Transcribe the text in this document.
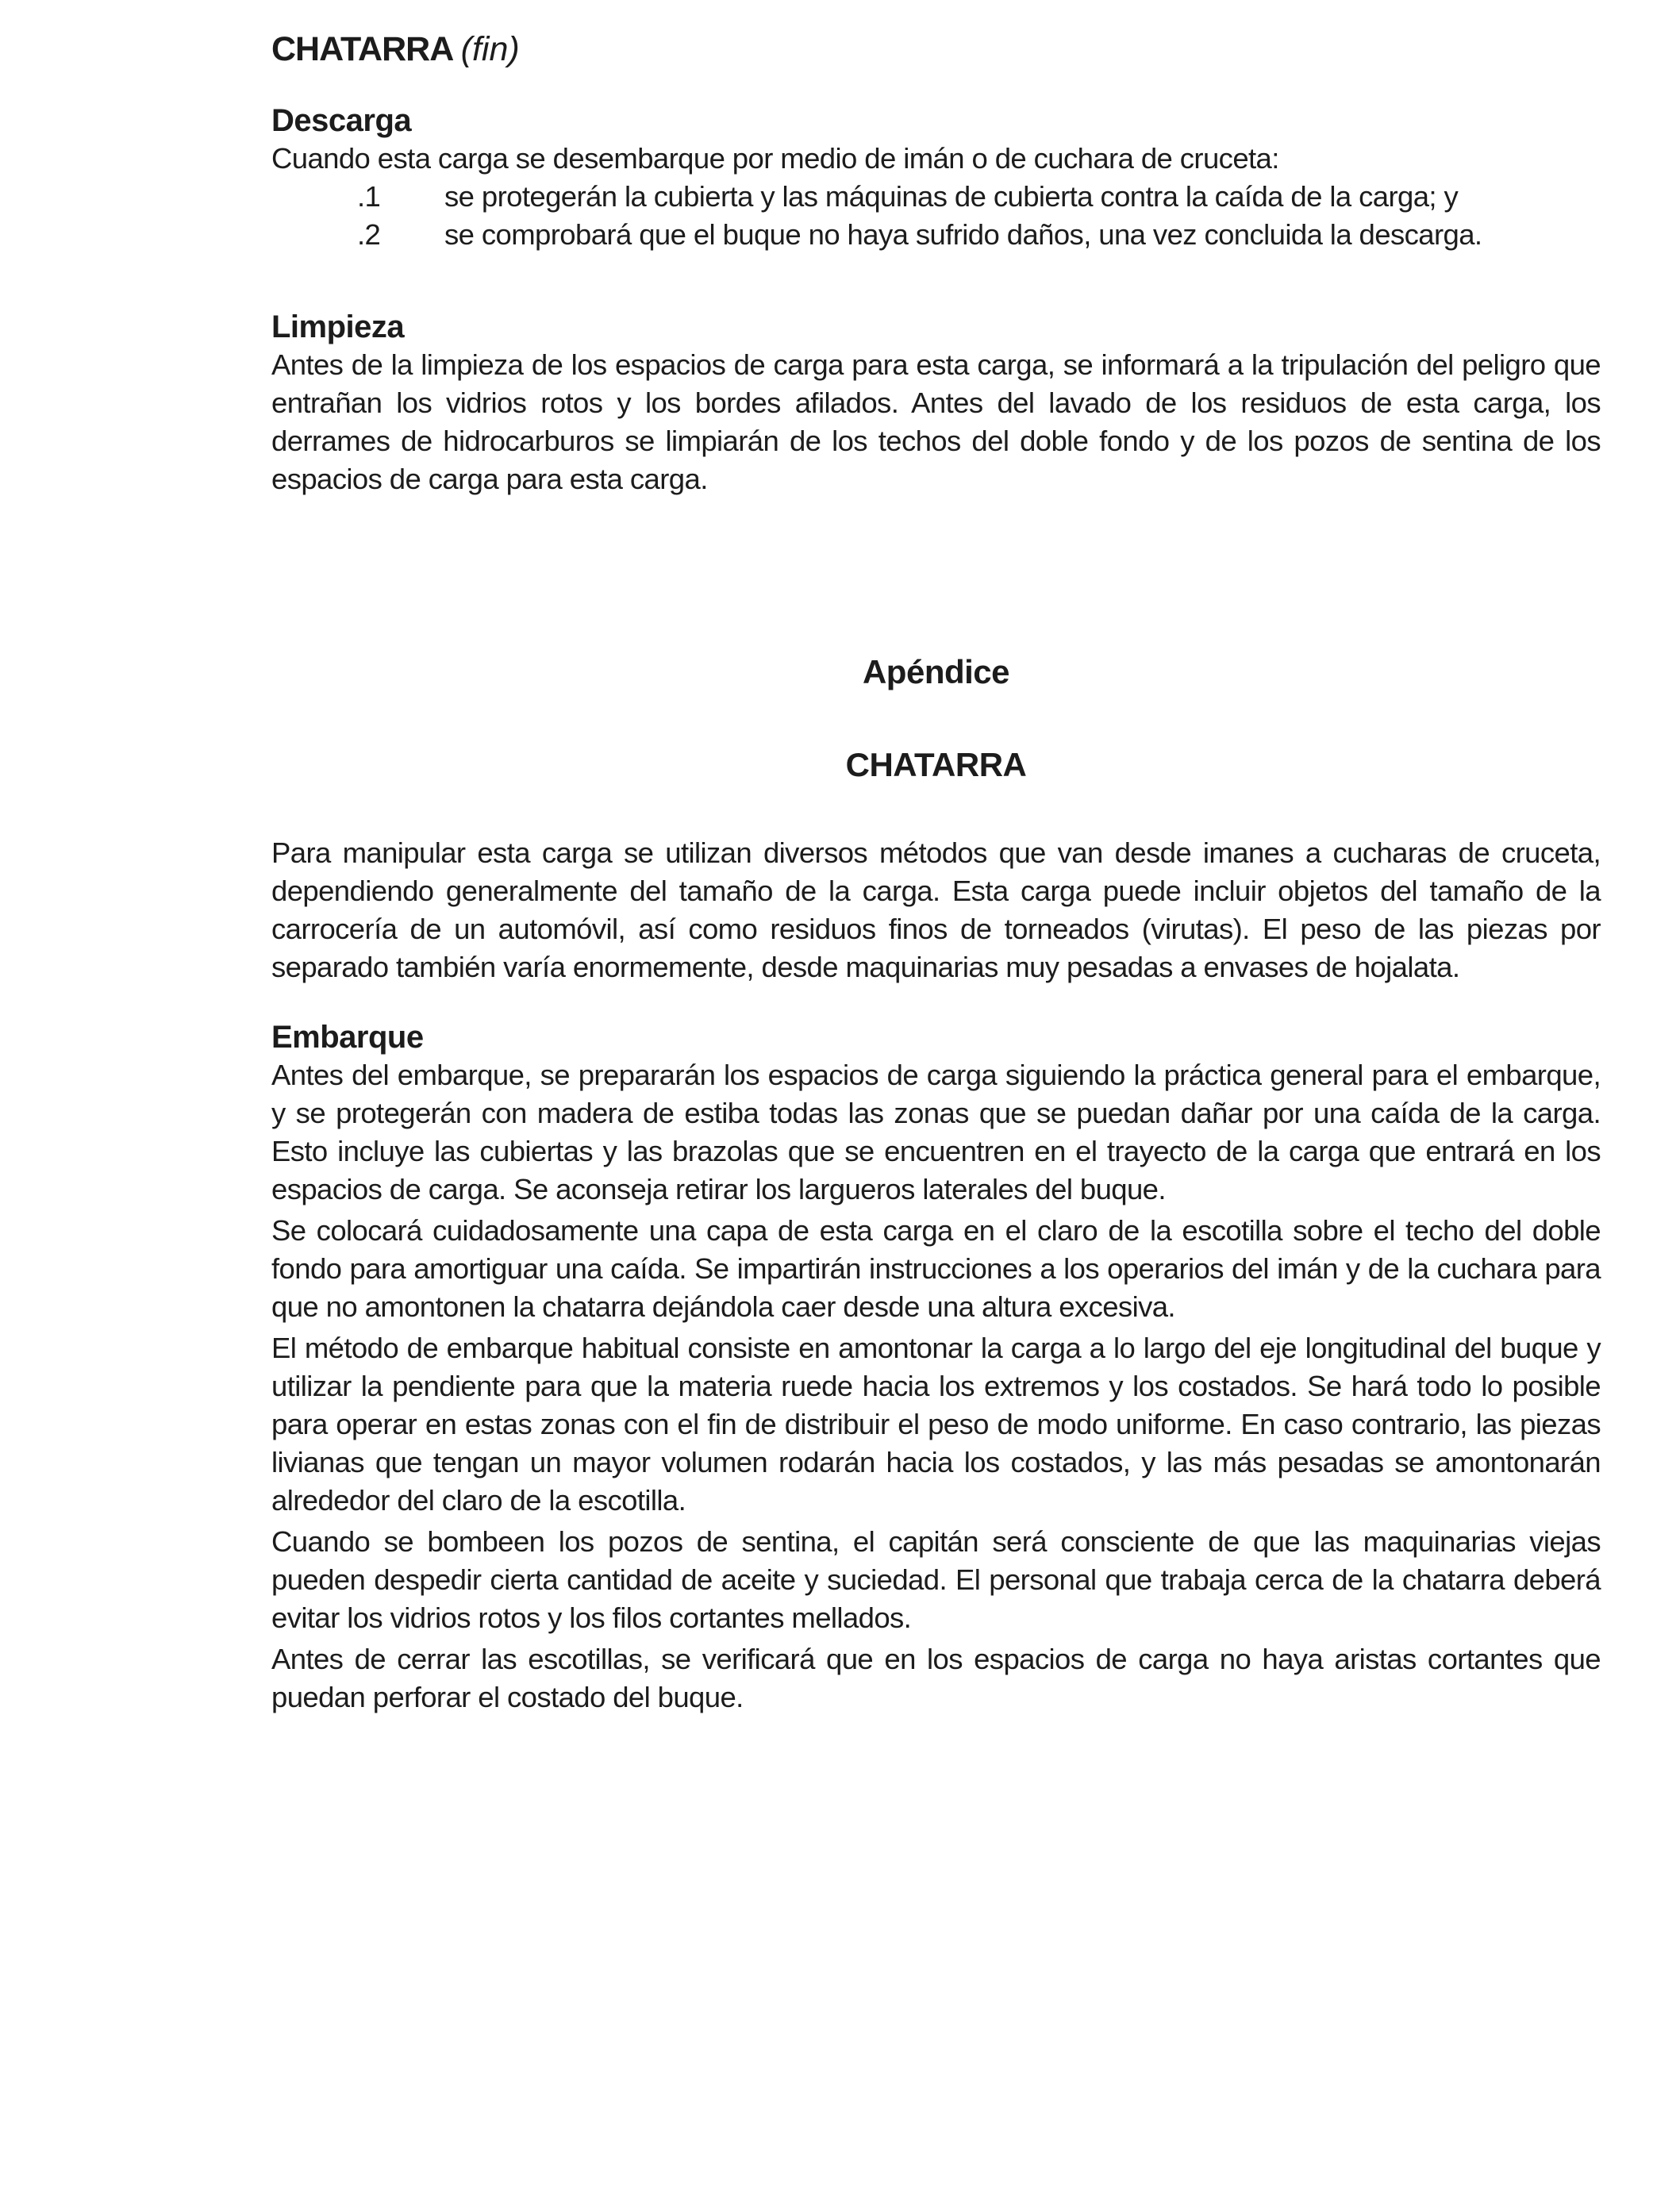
CHATARRA (fin)
Descarga

Cuando esta carga se desembarque por medio de imán o de cuchara de cruceta:

.1	se protegerán la cubierta y las máquinas de cubierta contra la caída de la carga; y
.2	se comprobará que el buque no haya sufrido daños, una vez concluida la descarga.
Limpieza

Antes de la limpieza de los espacios de carga para esta carga, se informará a la tripulación del peligro que entrañan los vidrios rotos y los bordes afilados. Antes del lavado de los residuos de esta carga, los derrames de hidrocarburos se limpiarán de los techos del doble fondo y de los pozos de sentina de los espacios de carga para esta carga.

Apéndice
CHATARRA

Para manipular esta carga se utilizan diversos métodos que van desde imanes a cucharas de cruceta, dependiendo generalmente del tamaño de la carga. Esta carga puede incluir objetos del tamaño de la carrocería de un automóvil, así como residuos finos de torneados (virutas). El peso de las piezas por separado también varía enormemente, desde maquinarias muy pesadas a envases de hojalata.

Embarque

Antes del embarque, se prepararán los espacios de carga siguiendo la práctica general para el embarque, y se protegerán con madera de estiba todas las zonas que se puedan dañar por una caída de la carga. Esto incluye las cubiertas y las brazolas que se encuentren en el trayecto de la carga que entrará en los espacios de carga. Se aconseja retirar los largueros laterales del buque.

Se colocará cuidadosamente una capa de esta carga en el claro de la escotilla sobre el techo del doble fondo para amortiguar una caída. Se impartirán instrucciones a los operarios del imán y de la cuchara para que no amontonen la chatarra dejándola caer desde una altura excesiva.

El método de embarque habitual consiste en amontonar la carga a lo largo del eje longitudinal del buque y utilizar la pendiente para que la materia ruede hacia los extremos y los costados. Se hará todo lo posible para operar en estas zonas con el fin de distribuir el peso de modo uniforme. En caso contrario, las piezas livianas que tengan un mayor volumen rodarán hacia los costados, y las más pesadas se amontonarán alrededor del claro de la escotilla.

Cuando se bombeen los pozos de sentina, el capitán será consciente de que las maquinarias viejas pueden despedir cierta cantidad de aceite y suciedad. El personal que trabaja cerca de la chatarra deberá evitar los vidrios rotos y los filos cortantes mellados.

Antes de cerrar las escotillas, se verificará que en los espacios de carga no haya aristas cortantes que puedan perforar el costado del buque.
